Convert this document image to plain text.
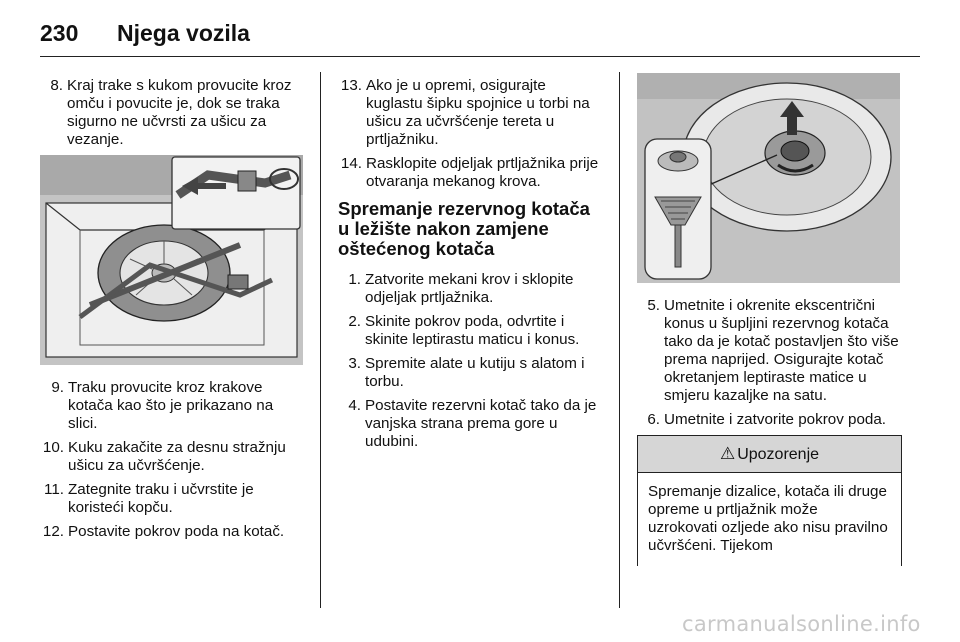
230 Njega vozila
8. Kraj trake s kukom provucite kroz omču i povucite je, dok se traka sigurno ne učvrsti za ušicu za vezanje.
9. Traku provucite kroz krakove kotača kao što je prikazano na slici.
10. Kuku zakačite za desnu stražnju ušicu za učvršćenje.
11. Zategnite traku i učvrstite je koristeći kopču.
12. Postavite pokrov poda na kotač.
13. Ako je u opremi, osigurajte kuglastu šipku spojnice u torbi na ušicu za učvršćenje tereta u prtljažniku.
14. Rasklopite odjeljak prtljažnika prije otvaranja mekanog krova.
Spremanje rezervnog kotača u ležište nakon zamjene oštećenog kotača
1. Zatvorite mekani krov i sklopite odjeljak prtljažnika.
2. Skinite pokrov poda, odvrtite i skinite leptirastu maticu i konus.
3. Spremite alate u kutiju s alatom i torbu.
4. Postavite rezervni kotač tako da je vanjska strana prema gore u udubini.
5. Umetnite i okrenite ekscentrični konus u šupljini rezervnog kotača tako da je kotač postavljen što više prema naprijed. Osigurajte kotač okretanjem leptiraste matice u smjeru kazaljke na satu.
6. Umetnite i zatvorite pokrov poda.
⚠ Upozorenje
Spremanje dizalice, kotača ili druge opreme u prtljažnik može uzrokovati ozljede ako nisu pravilno učvršćeni. Tijekom
carmanualsonline.info
